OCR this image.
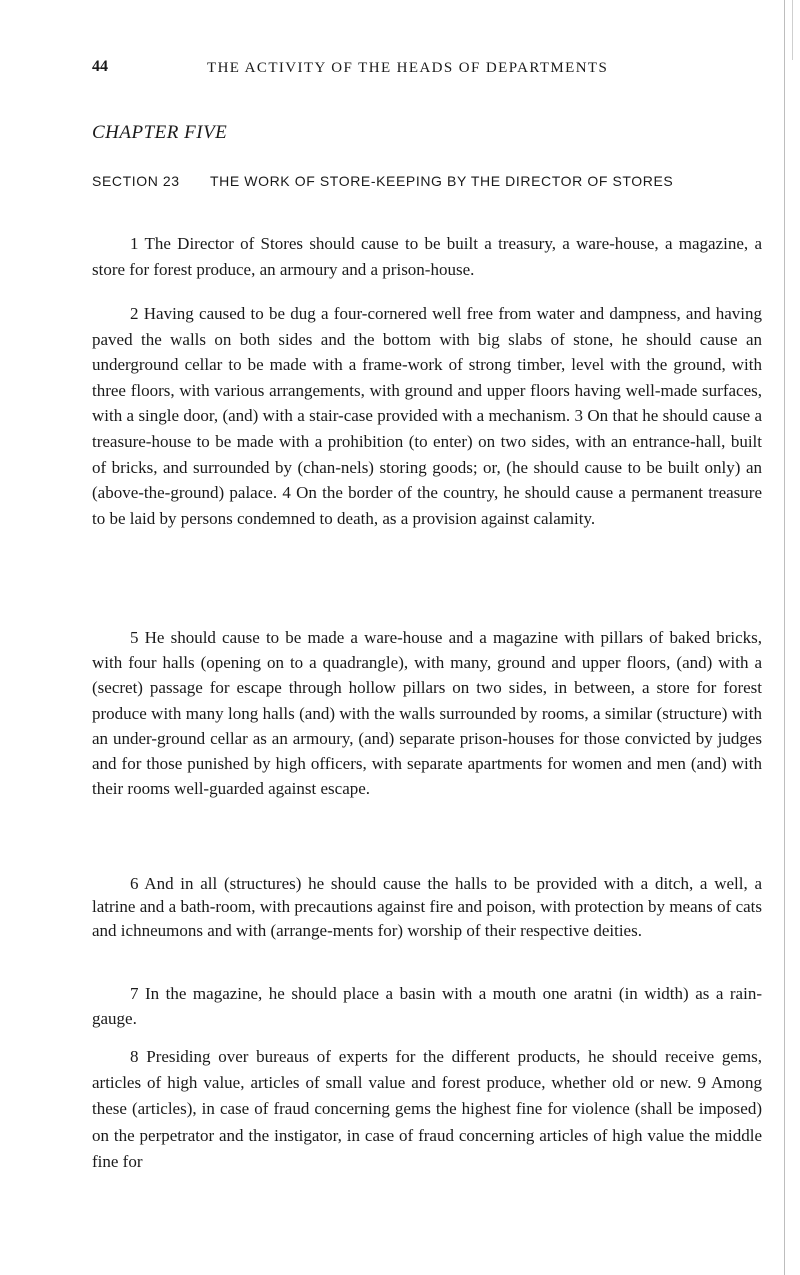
44	THE ACTIVITY OF THE HEADS OF DEPARTMENTS
CHAPTER FIVE
SECTION 23 THE WORK OF STORE-KEEPING BY THE DIRECTOR OF STORES

1 The Director of Stores should cause to be built a treasury, a ware-house, a magazine, a store for forest produce, an armoury and a prison-house.

2 Having caused to be dug a four-cornered well free from water and dampness, and having paved the walls on both sides and the bottom with big slabs of stone, he should cause an underground cellar to be made with a frame-work of strong timber, level with the ground, with three floors, with various arrangements, with ground and upper floors having well-made surfaces, with a single door, (and) with a stair-case provided with a mechanism. 3 On that he should cause a treasure-house to be made with a prohibition (to enter) on two sides, with an entrance-hall, built of bricks, and surrounded by (chan-nels) storing goods; or, (he should cause to be built only) an (above-the-ground) palace. 4 On the border of the country, he should cause a permanent treasure to be laid by persons condemned to death, as a provision against calamity.

5 He should cause to be made a ware-house and a magazine with pillars of baked bricks, with four halls (opening on to a quadrangle), with many, ground and upper floors, (and) with a (secret) passage for escape through hollow pillars on two sides, in between, a store for forest produce with many long halls (and) with the walls surrounded by rooms, a similar (structure) with an under-ground cellar as an armoury, (and) separate prison-houses for those convicted by judges and for those punished by high officers, with separate apartments for women and men (and) with their rooms well-guarded against escape.

6 And in all (structures) he should cause the halls to be provided with a ditch, a well, a latrine and a bath-room, with precautions against fire and poison, with protection by means of cats and ichneumons and with (arrange-ments for) worship of their respective deities.

7 In the magazine, he should place a basin with a mouth one aratni (in width) as a rain-gauge.

8 Presiding over bureaus of experts for the different products, he should receive gems, articles of high value, articles of small value and forest produce, whether old or new. 9 Among these (articles), in case of fraud concerning gems the highest fine for violence (shall be imposed) on the perpetrator and the instigator, in case of fraud concerning articles of high value the middle fine for
